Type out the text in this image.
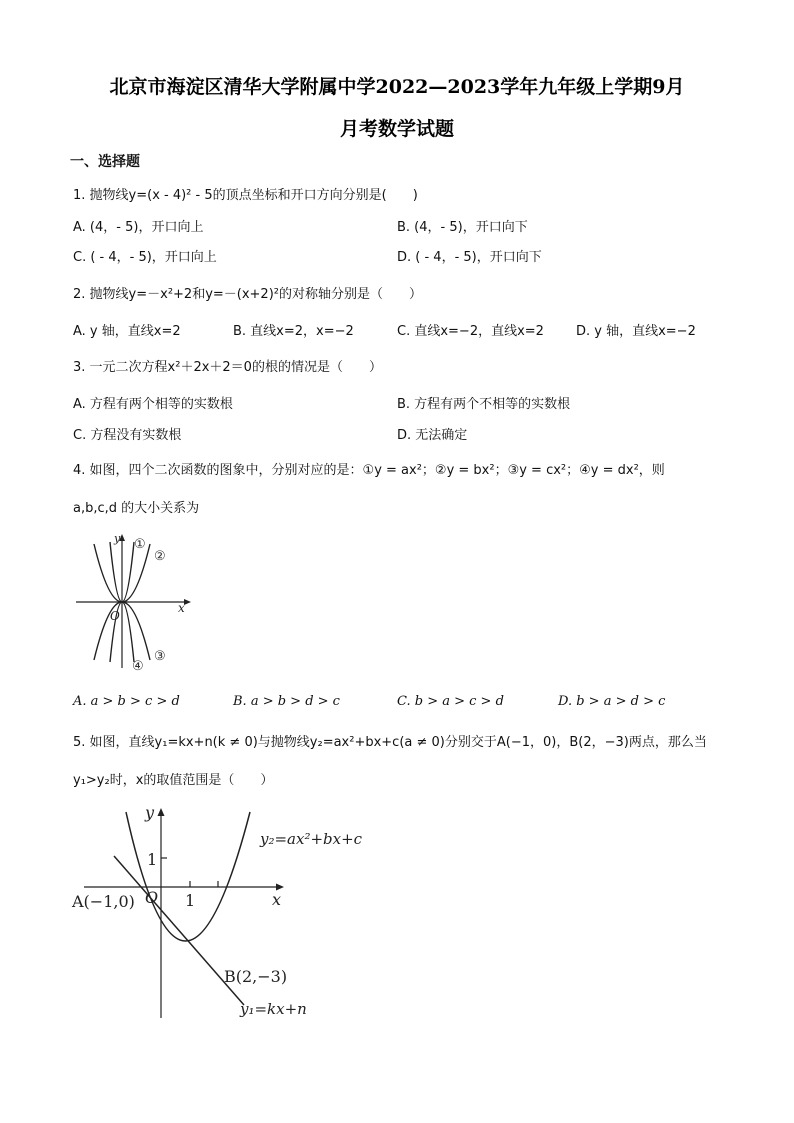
北京市海淀区清华大学附属中学2022—2023学年九年级上学期9月
月考数学试题
一、选择题
1. 抛物线y=(x - 4)² - 5的顶点坐标和开口方向分别是(　　)
A. (4，- 5)，开口向上	B. (4，- 5)，开口向下
C. ( - 4，- 5)，开口向上	D. ( - 4，- 5)，开口向下
2. 抛物线y=－x²+2和y=－(x+2)²的对称轴分别是（　　）
A. y 轴，直线x=2	B. 直线x=2，x=−2	C. 直线x=−2，直线x=2 D. y 轴，直线x=−2
3. 一元二次方程x²＋2x＋2＝0的根的情况是（　　）
A. 方程有两个相等的实数根	B. 方程有两个不相等的实数根
C. 方程没有实数根	D. 无法确定
4. 如图，四个二次函数的图象中，分别对应的是：①y = ax²；②y = bx²；③y = cx²；④y = dx²，则
a,b,c,d 的大小关系为
y
x
O
①
②
③
④
A. a > b > c > d	B. a > b > d > c	C. b > a > c > d	D. b > a > d > c
5. 如图，直线y₁=kx+n(k ≠ 0)与抛物线y₂=ax²+bx+c(a ≠ 0)分别交于A(−1，0)，B(2，−3)两点，那么当
y₁>y₂时，x的取值范围是（　　）
y
x
O
1
1
A(−1,0)
B(2,−3)
y₂=ax²+bx+c
y₁=kx+n
